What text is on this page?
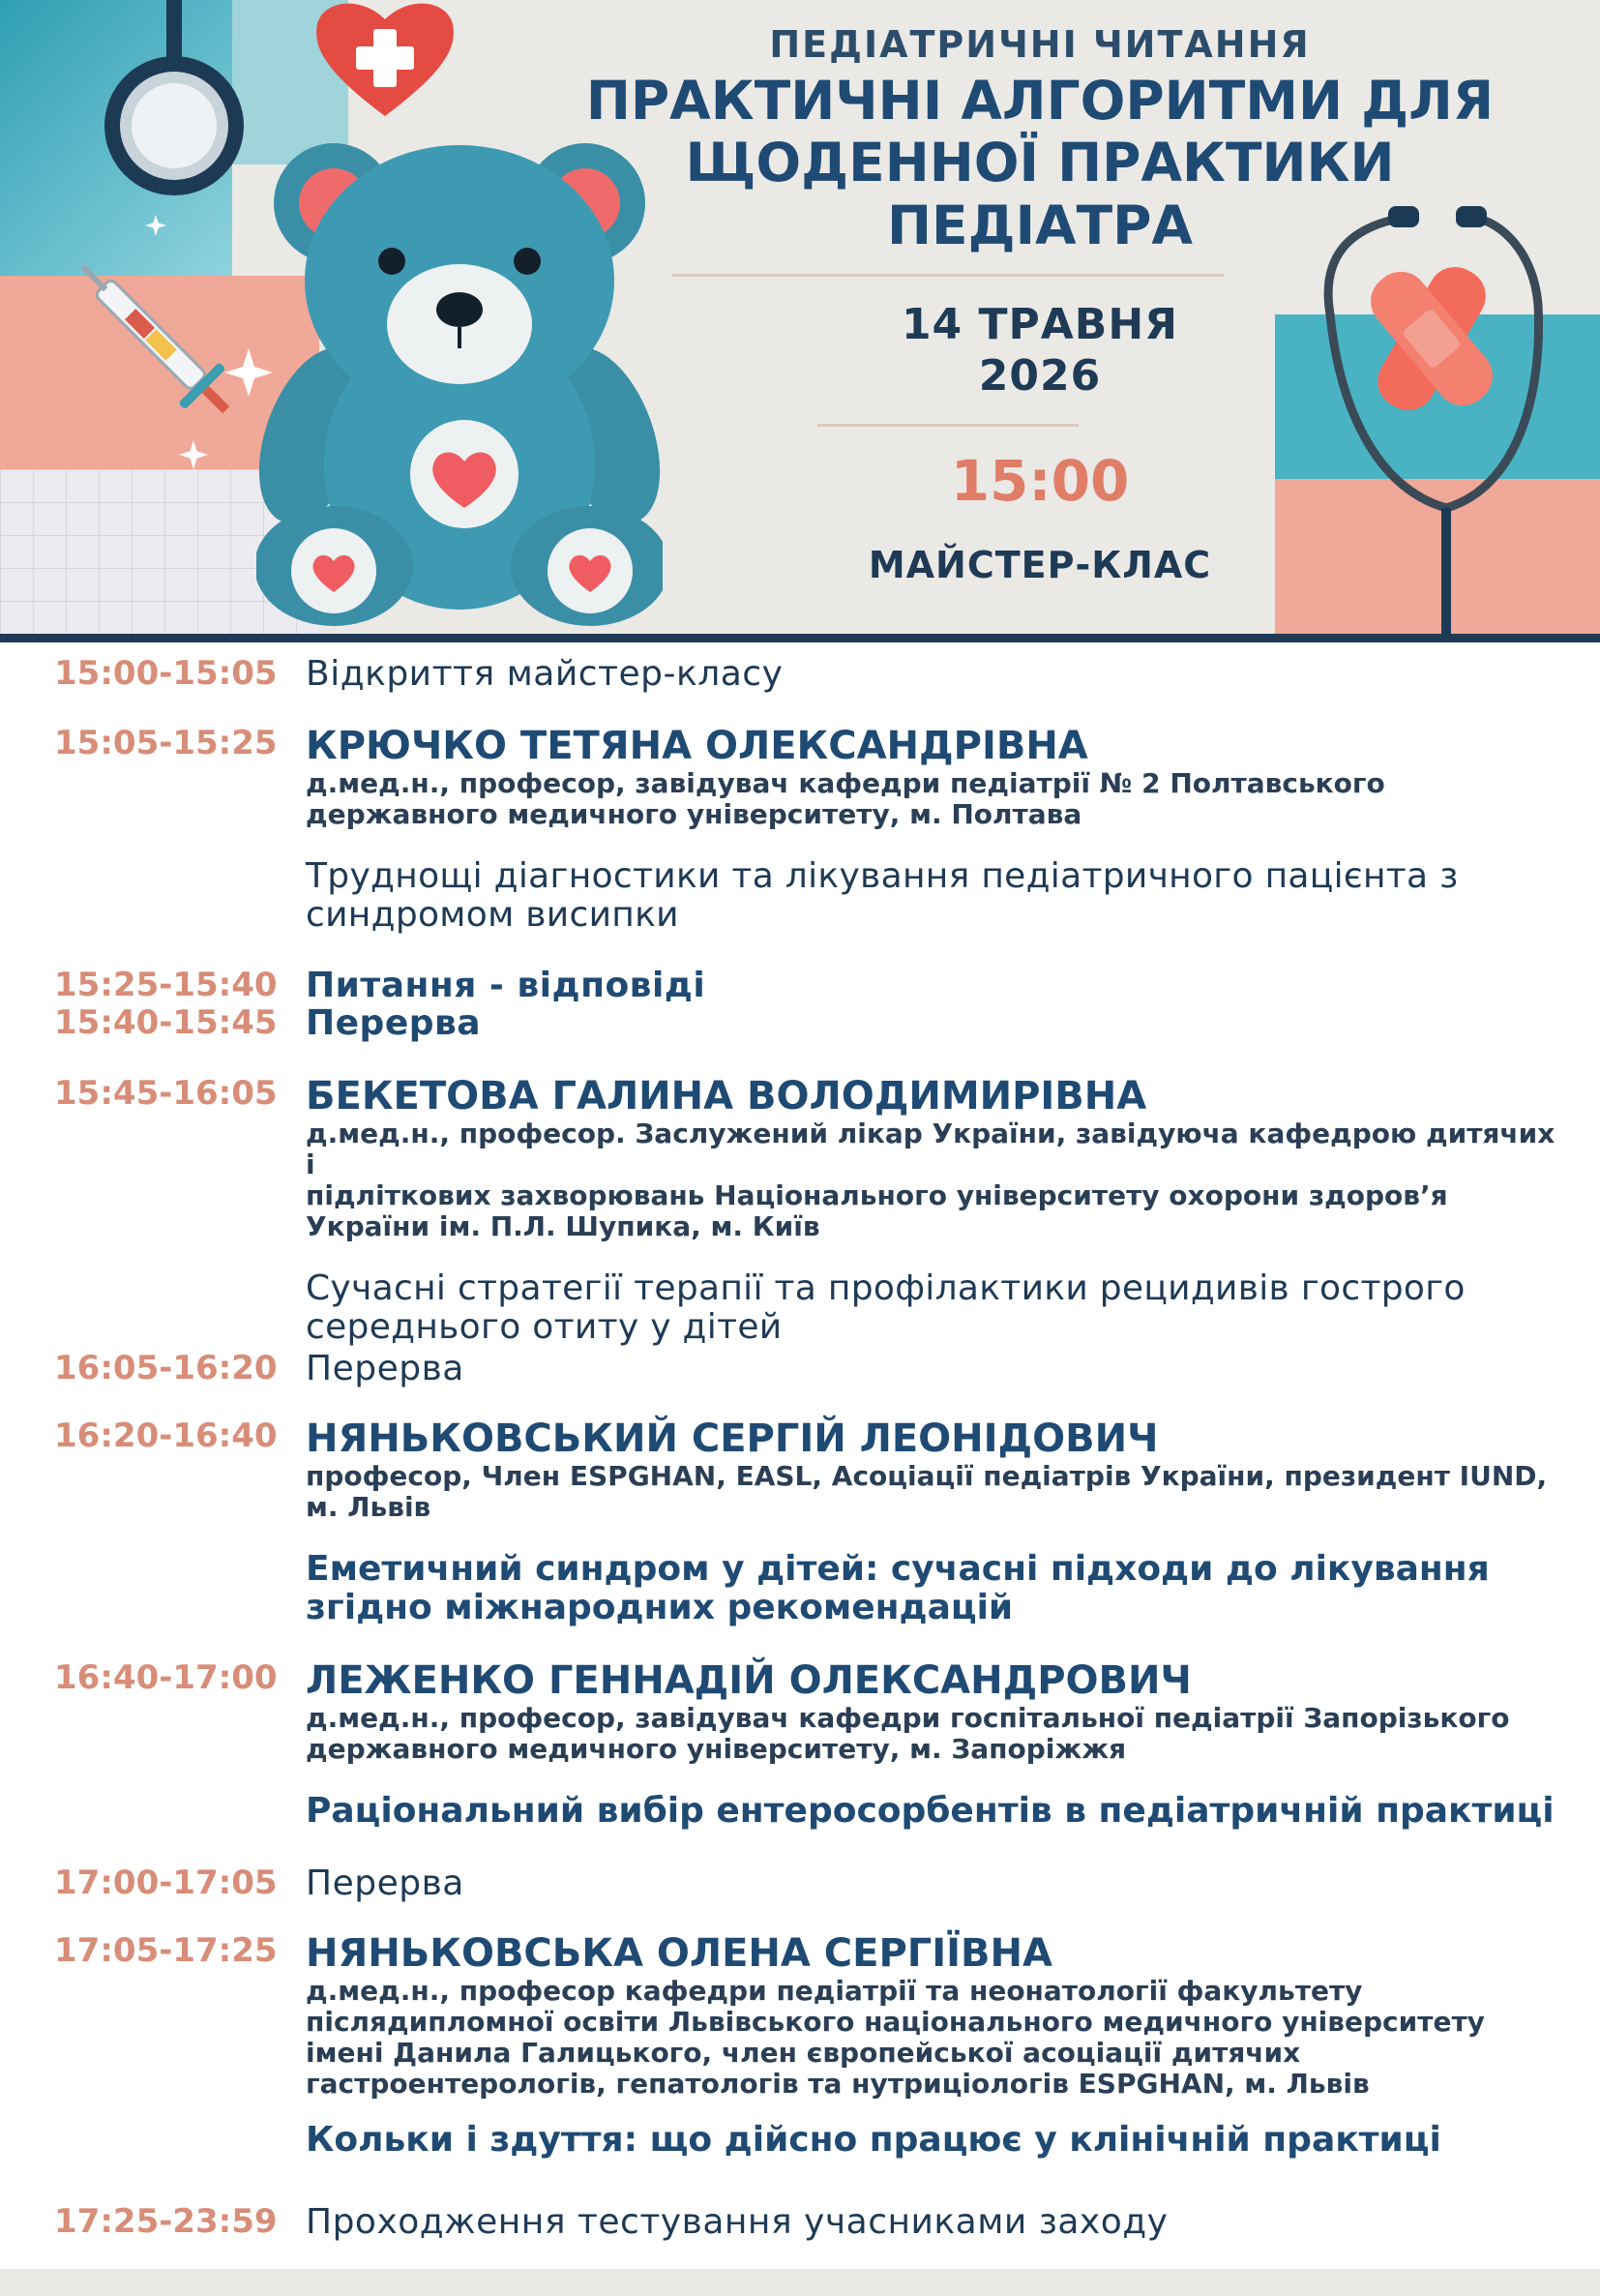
ПЕДІАТРИЧНІ ЧИТАННЯ
ПРАКТИЧНІ АЛГОРИТМИ ДЛЯ
ЩОДЕННОЇ ПРАКТИКИ
ПЕДІАТРА
14 ТРАВНЯ
2026
15:00
МАЙСТЕР-КЛАС
15:00-15:05 Відкриття майстер-класу
15:05-15:25 КРЮЧКО ТЕТЯНА ОЛЕКСАНДРІВНА
д.мед.н., професор, завідувач кафедри педіатрії № 2 Полтавського
державного медичного університету, м. Полтава
Труднощі діагностики та лікування педіатричного пацієнта з
синдромом висипки
15:25-15:40 Питання - відповіді
15:40-15:45 Перерва
15:45-16:05 БЕКЕТОВА ГАЛИНА ВОЛОДИМИРІВНА
д.мед.н., професор. Заслужений лікар України, завідуюча кафедрою дитячих і
підліткових захворювань Національного університету охорони здоров’я
України ім. П.Л. Шупика, м. Київ
Сучасні стратегії терапії та профілактики рецидивів гострого
середнього отиту у дітей
16:05-16:20 Перерва
16:20-16:40 НЯНЬКОВСЬКИЙ СЕРГІЙ ЛЕОНІДОВИЧ
професор, Член ESPGHAN, EASL, Асоціації педіатрів України, президент IUND,
м. Львів
Еметичний синдром у дітей: сучасні підходи до лікування
згідно міжнародних рекомендацій
16:40-17:00 ЛЕЖЕНКО ГЕННАДІЙ ОЛЕКСАНДРОВИЧ
д.мед.н., професор, завідувач кафедри госпітальної педіатрії Запорізького
державного медичного університету, м. Запоріжжя
Раціональний вибір ентеросорбентів в педіатричній практиці
17:00-17:05 Перерва
17:05-17:25 НЯНЬКОВСЬКА ОЛЕНА СЕРГІЇВНА
д.мед.н., професор кафедри педіатрії та неонатології факультету
післядипломної освіти Львівського національного медичного університету
імені Данила Галицького, член європейської асоціації дитячих
гастроентерологів, гепатологів та нутриціологів ESPGHAN, м. Львів
Кольки і здуття: що дійсно працює у клінічній практиці
17:25-23:59 Проходження тестування учасниками заходу
